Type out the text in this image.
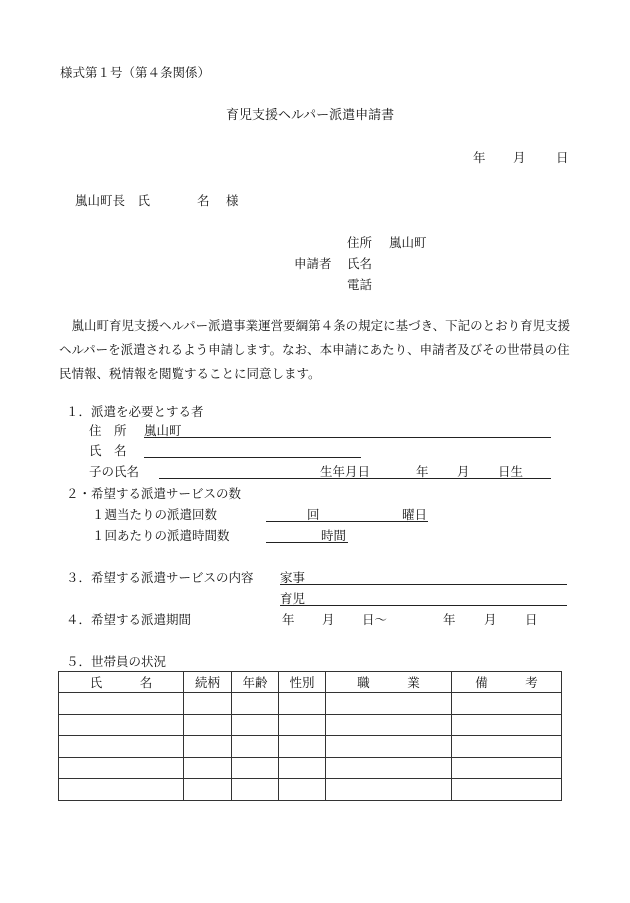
様式第１号（第４条関係）
育児支援ヘルパー派遣申請書
年 月 日
嵐山町長　氏	名 様
住所 嵐山町
申請者 氏名
電話
嵐山町育児支援ヘルパー派遣事業運営要綱第４条の規定に基づき、下記のとおり育児支援ヘルパーを派遣されるよう申請します。なお、本申請にあたり、申請者及びその世帯員の住民情報、税情報を閲覧することに同意します。
１．派遣を必要とする者
住　所 嵐山町
氏　名
子の氏名	生年月日	年 月 日生
２・希望する派遣サービスの数
１週当たりの派遣回数	回	曜日
１回あたりの派遣時間数	時間
３．希望する派遣サービスの内容 家事
育児
４．希望する派遣期間	年 月 日～	年 月 日
５．世帯員の状況
氏　　　名	続柄	年齢	性別	職　　　業	備　　　考
